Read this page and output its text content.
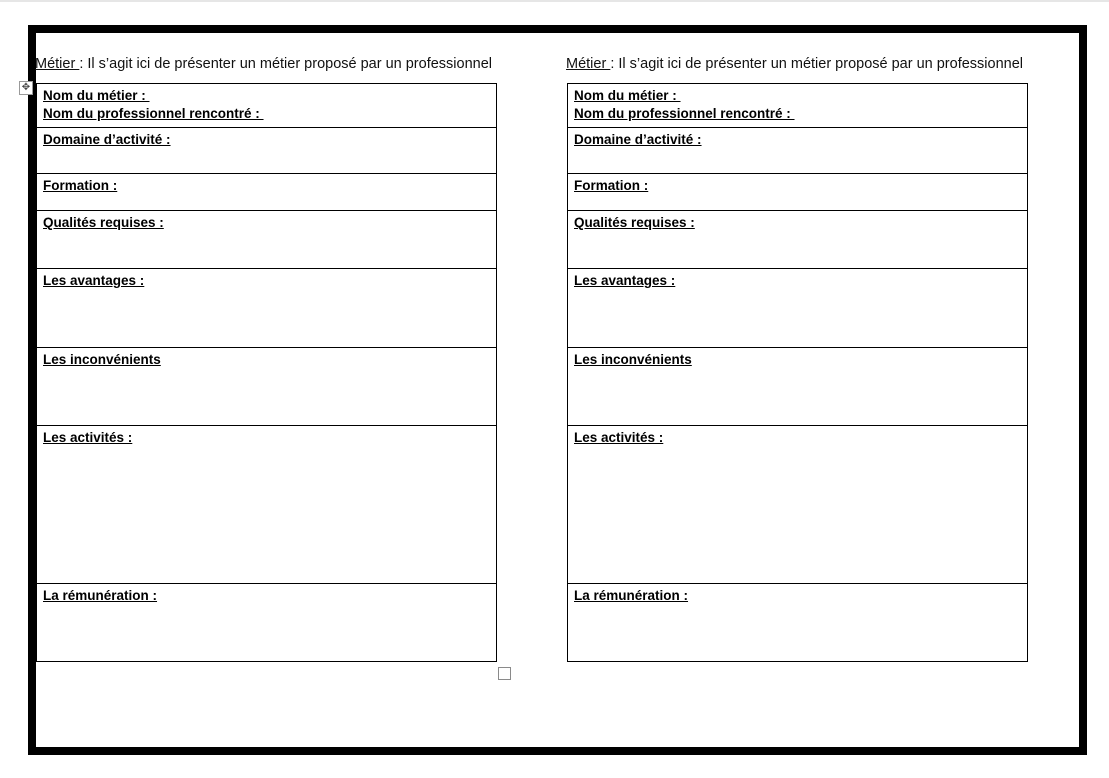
Métier : Il s’agit ici de présenter un métier proposé par un professionnel
✥
Nom du métier :
Nom du professionnel rencontré :
Domaine d’activité :
Formation :
Qualités requises :
Les avantages :
Les inconvénients
Les activités :
La rémunération :
Métier : Il s’agit ici de présenter un métier proposé par un professionnel
Nom du métier :
Nom du professionnel rencontré :
Domaine d’activité :
Formation :
Qualités requises :
Les avantages :
Les inconvénients
Les activités :
La rémunération :
